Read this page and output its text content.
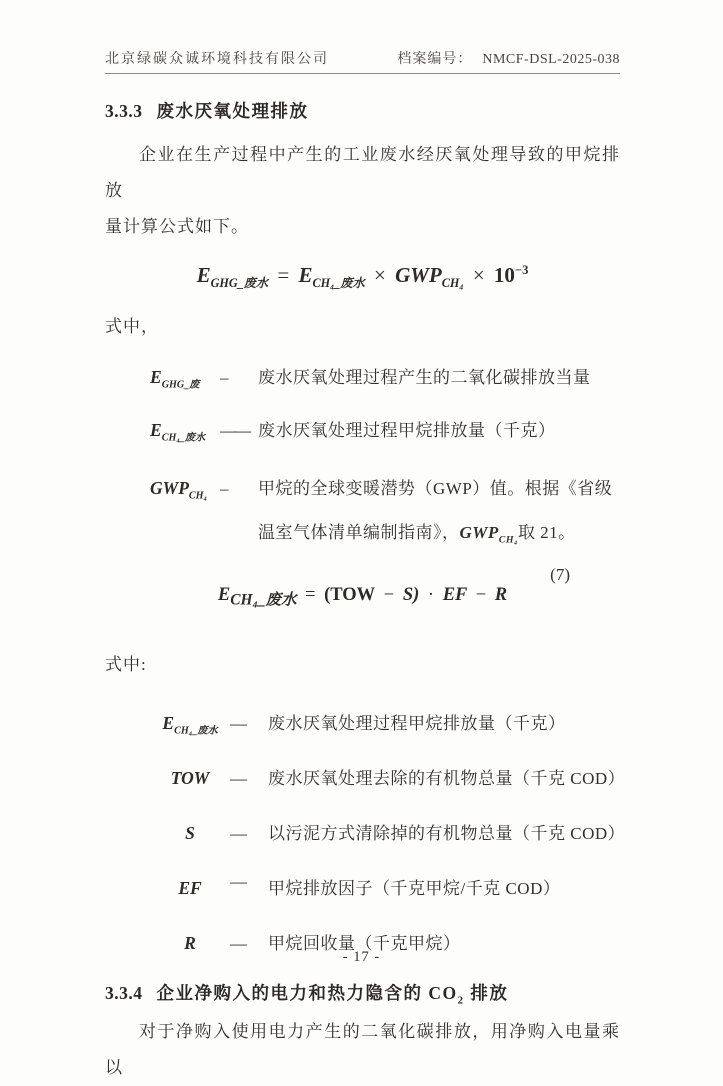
北京绿碳众诚环境科技有限公司	档案编号： NMCF-DSL-2025-038
3.3.3 废水厌氧处理排放
企业在生产过程中产生的工业废水经厌氧处理导致的甲烷排放
量计算公式如下。
$E_{GHG\_废水} = E_{CH_4\_废水} \times GWP_{CH_4} \times 10^{-3}$
式中，
$E_{GHG\_废}$	–	废水厌氧处理过程产生的二氧化碳排放当量
$E_{CH_4\_废水}$ —— 废水厌氧处理过程甲烷排放量（千克）
$GWP_{CH_4}$ –	甲烷的全球变暖潜势（GWP）值。根据《省级
温室气体清单编制指南》，$GWP_{CH_4}$取 21。
(7)
$E_{CH_4\_废水} = (TOW - S)$ · EF − R
式中:
$E_{CH_4\_废水}$ —	废水厌氧处理过程甲烷排放量（千克）
TOW	—	废水厌氧处理去除的有机物总量（千克 COD）
S	—	以污泥方式清除掉的有机物总量（千克 COD）
EF	—	甲烷排放因子（千克甲烷/千克 COD）
R	—	甲烷回收量（千克甲烷）
3.3.4 企业净购入的电力和热力隐含的 $CO_2$ 排放
对于净购入使用电力产生的二氧化碳排放，用净购入电量乘以
- 17 -
